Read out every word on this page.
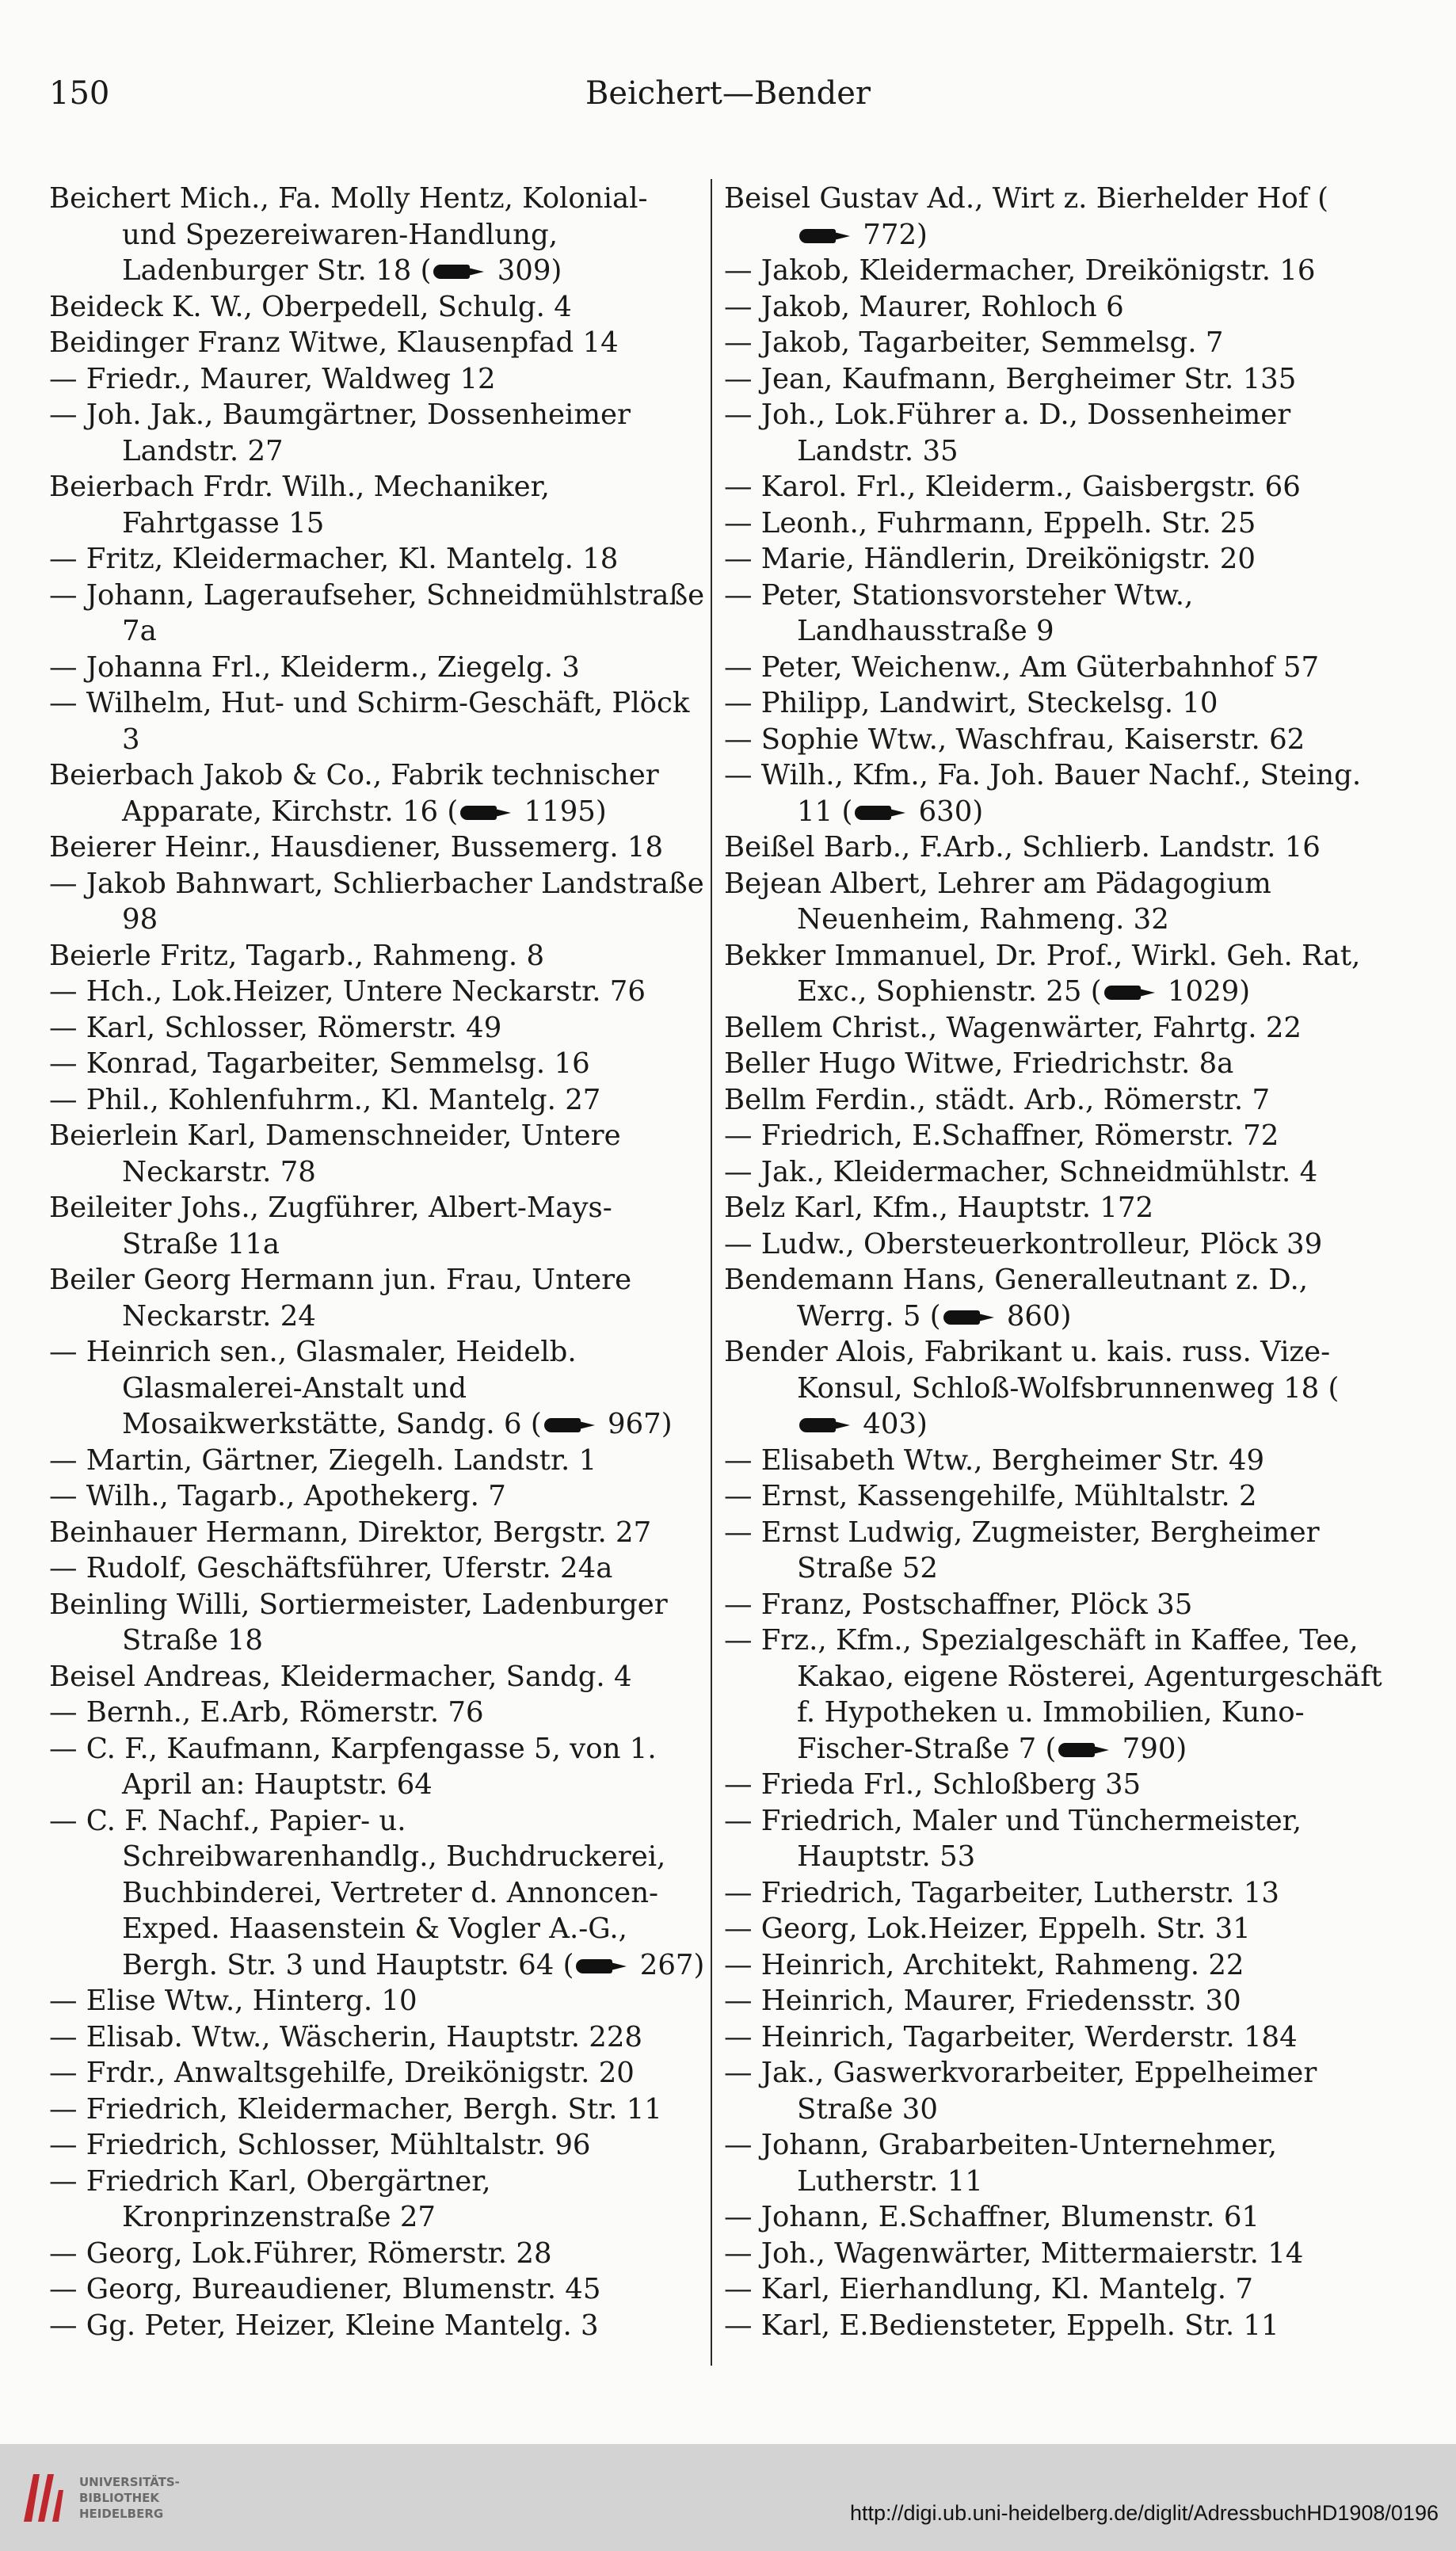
150	Beichert—Bender
Beichert Mich., Fa. Molly Hentz, Kolonial- und Spezereiwaren-Handlung, Ladenburger Str. 18 ( 309)
Beideck K. W., Oberpedell, Schulg. 4
Beidinger Franz Witwe, Klausenpfad 14
— Friedr., Maurer, Waldweg 12
— Joh. Jak., Baumgärtner, Dossenheimer Landstr. 27
Beierbach Frdr. Wilh., Mechaniker, Fahrtgasse 15
— Fritz, Kleidermacher, Kl. Mantelg. 18
— Johann, Lageraufseher, Schneidmühlstraße 7a
— Johanna Frl., Kleiderm., Ziegelg. 3
— Wilhelm, Hut- und Schirm-Geschäft, Plöck 3
Beierbach Jakob & Co., Fabrik technischer Apparate, Kirchstr. 16 ( 1195)
Beierer Heinr., Hausdiener, Bussemerg. 18
— Jakob Bahnwart, Schlierbacher Landstraße 98
Beierle Fritz, Tagarb., Rahmeng. 8
— Hch., Lok.Heizer, Untere Neckarstr. 76
— Karl, Schlosser, Römerstr. 49
— Konrad, Tagarbeiter, Semmelsg. 16
— Phil., Kohlenfuhrm., Kl. Mantelg. 27
Beierlein Karl, Damenschneider, Untere Neckarstr. 78
Beileiter Johs., Zugführer, Albert-Mays-Straße 11a
Beiler Georg Hermann jun. Frau, Untere Neckarstr. 24
— Heinrich sen., Glasmaler, Heidelb. Glasmalerei-Anstalt und Mosaikwerkstätte, Sandg. 6 ( 967)
— Martin, Gärtner, Ziegelh. Landstr. 1
— Wilh., Tagarb., Apothekerg. 7
Beinhauer Hermann, Direktor, Bergstr. 27
— Rudolf, Geschäftsführer, Uferstr. 24a
Beinling Willi, Sortiermeister, Ladenburger Straße 18
Beisel Andreas, Kleidermacher, Sandg. 4
— Bernh., E.Arb, Römerstr. 76
— C. F., Kaufmann, Karpfengasse 5, von 1. April an: Hauptstr. 64
— C. F. Nachf., Papier- u. Schreibwarenhandlg., Buchdruckerei, Buchbinderei, Vertreter d. Annoncen-Exped. Haasenstein & Vogler A.-G., Bergh. Str. 3 und Hauptstr. 64 ( 267)
— Elise Wtw., Hinterg. 10
— Elisab. Wtw., Wäscherin, Hauptstr. 228
— Frdr., Anwaltsgehilfe, Dreikönigstr. 20
— Friedrich, Kleidermacher, Bergh. Str. 11
— Friedrich, Schlosser, Mühltalstr. 96
— Friedrich Karl, Obergärtner, Kronprinzenstraße 27
— Georg, Lok.Führer, Römerstr. 28
— Georg, Bureaudiener, Blumenstr. 45
— Gg. Peter, Heizer, Kleine Mantelg. 3
Beisel Gustav Ad., Wirt z. Bierhelder Hof ( 772)
— Jakob, Kleidermacher, Dreikönigstr. 16
— Jakob, Maurer, Rohloch 6
— Jakob, Tagarbeiter, Semmelsg. 7
— Jean, Kaufmann, Bergheimer Str. 135
— Joh., Lok.Führer a. D., Dossenheimer Landstr. 35
— Karol. Frl., Kleiderm., Gaisbergstr. 66
— Leonh., Fuhrmann, Eppelh. Str. 25
— Marie, Händlerin, Dreikönigstr. 20
— Peter, Stationsvorsteher Wtw., Landhausstraße 9
— Peter, Weichenw., Am Güterbahnhof 57
— Philipp, Landwirt, Steckelsg. 10
— Sophie Wtw., Waschfrau, Kaiserstr. 62
— Wilh., Kfm., Fa. Joh. Bauer Nachf., Steing. 11 ( 630)
Beißel Barb., F.Arb., Schlierb. Landstr. 16
Bejean Albert, Lehrer am Pädagogium Neuenheim, Rahmeng. 32
Bekker Immanuel, Dr. Prof., Wirkl. Geh. Rat, Exc., Sophienstr. 25 ( 1029)
Bellem Christ., Wagenwärter, Fahrtg. 22
Beller Hugo Witwe, Friedrichstr. 8a
Bellm Ferdin., städt. Arb., Römerstr. 7
— Friedrich, E.Schaffner, Römerstr. 72
— Jak., Kleidermacher, Schneidmühlstr. 4
Belz Karl, Kfm., Hauptstr. 172
— Ludw., Obersteuerkontrolleur, Plöck 39
Bendemann Hans, Generalleutnant z. D., Werrg. 5 ( 860)
Bender Alois, Fabrikant u. kais. russ. Vize-Konsul, Schloß-Wolfsbrunnenweg 18 ( 403)
— Elisabeth Wtw., Bergheimer Str. 49
— Ernst, Kassengehilfe, Mühltalstr. 2
— Ernst Ludwig, Zugmeister, Bergheimer Straße 52
— Franz, Postschaffner, Plöck 35
— Frz., Kfm., Spezialgeschäft in Kaffee, Tee, Kakao, eigene Rösterei, Agenturgeschäft f. Hypotheken u. Immobilien, Kuno-Fischer-Straße 7 ( 790)
— Frieda Frl., Schloßberg 35
— Friedrich, Maler und Tünchermeister, Hauptstr. 53
— Friedrich, Tagarbeiter, Lutherstr. 13
— Georg, Lok.Heizer, Eppelh. Str. 31
— Heinrich, Architekt, Rahmeng. 22
— Heinrich, Maurer, Friedensstr. 30
— Heinrich, Tagarbeiter, Werderstr. 184
— Jak., Gaswerkvorarbeiter, Eppelheimer Straße 30
— Johann, Grabarbeiten-Unternehmer, Lutherstr. 11
— Johann, E.Schaffner, Blumenstr. 61
— Joh., Wagenwärter, Mittermaierstr. 14
— Karl, Eierhandlung, Kl. Mantelg. 7
— Karl, E.Bediensteter, Eppelh. Str. 11
UNIVERSITÄTS-
BIBLIOTHEK
HEIDELBERG	http://digi.ub.uni-heidelberg.de/diglit/AdressbuchHD1908/0196
